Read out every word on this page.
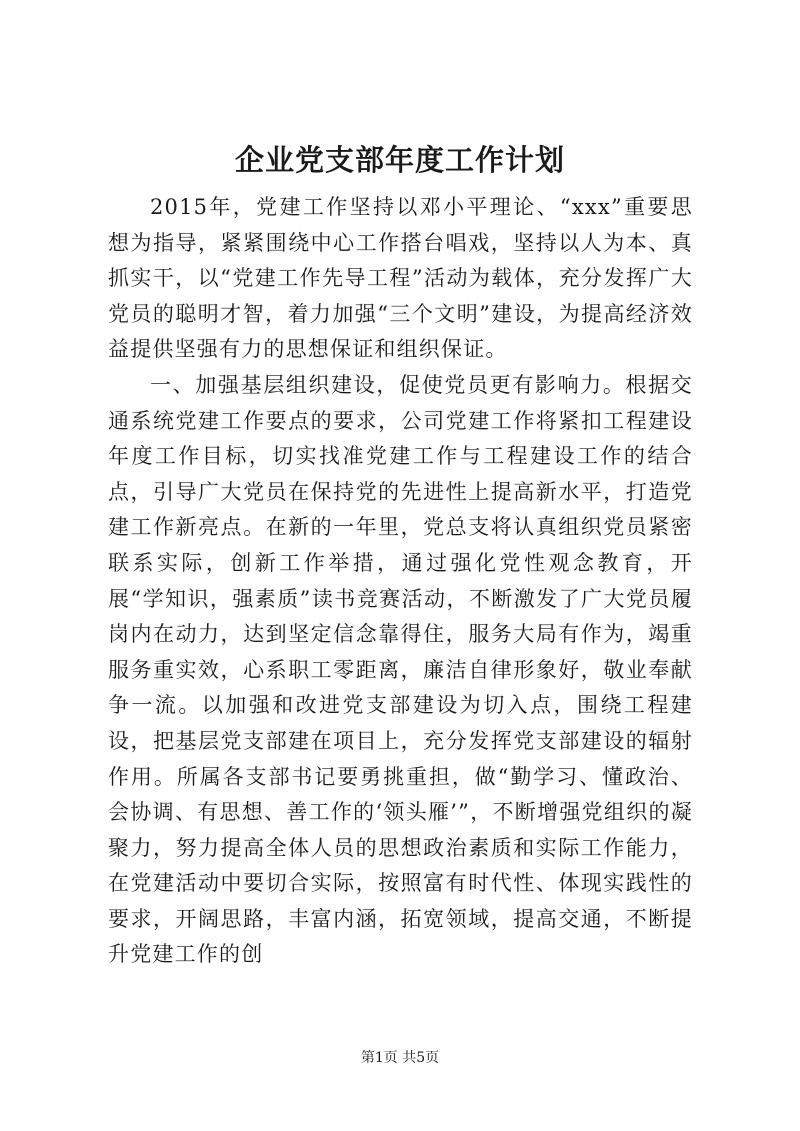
企业党支部年度工作计划

2015年，党建工作坚持以邓小平理论、“xxx”重要思想为指导，紧紧围绕中心工作搭台唱戏，坚持以人为本、真抓实干，以“党建工作先导工程”活动为载体，充分发挥广大党员的聪明才智，着力加强“三个文明”建设，为提高经济效益提供坚强有力的思想保证和组织保证。

一、加强基层组织建设，促使党员更有影响力。根据交通系统党建工作要点的要求，公司党建工作将紧扣工程建设年度工作目标，切实找准党建工作与工程建设工作的结合点，引导广大党员在保持党的先进性上提高新水平，打造党建工作新亮点。在新的一年里，党总支将认真组织党员紧密联系实际，创新工作举措，通过强化党性观念教育，开展“学知识，强素质”读书竞赛活动，不断激发了广大党员履岗内在动力，达到坚定信念靠得住，服务大局有作为，竭重服务重实效，心系职工零距离，廉洁自律形象好，敬业奉献争一流。以加强和改进党支部建设为切入点，围绕工程建设，把基层党支部建在项目上，充分发挥党支部建设的辐射作用。所属各支部书记要勇挑重担，做“勤学习、懂政治、会协调、有思想、善工作的‘领头雁’”，不断增强党组织的凝聚力，努力提高全体人员的思想政治素质和实际工作能力，在党建活动中要切合实际，按照富有时代性、体现实践性的要求，开阔思路，丰富内涵，拓宽领域，提高交通，不断提升党建工作的创

第1页 共5页
